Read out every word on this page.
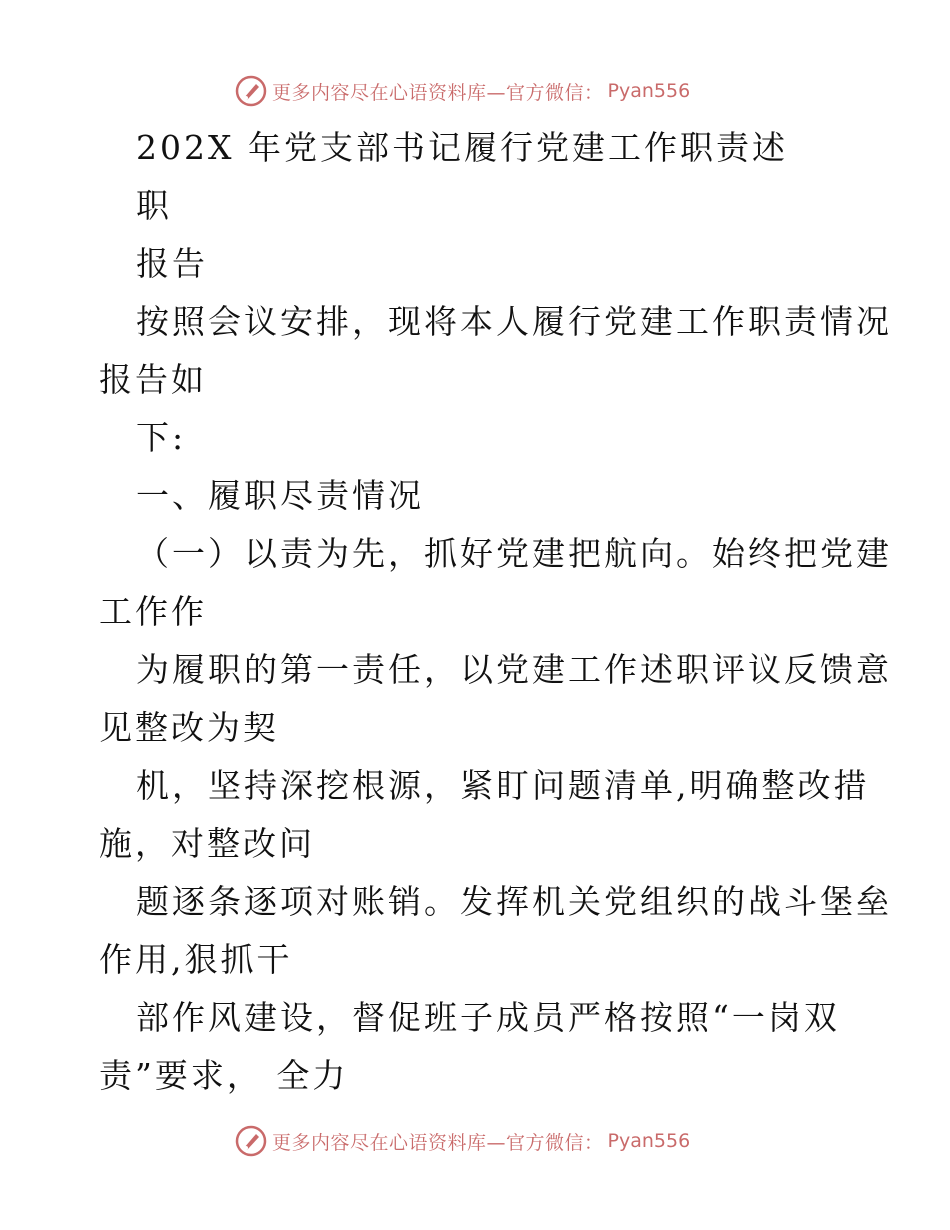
更多内容尽在心语资料库—官方微信： Pyan556
202X 年党支部书记履行党建工作职责述
职
报告
按照会议安排，现将本人履行党建工作职责情况
报告如
下:
一、履职尽责情况
（一）以责为先，抓好党建把航向。始终把党建
工作作
为履职的第一责任，以党建工作述职评议反馈意
见整改为契
机，坚持深挖根源，紧盯问题清单,明确整改措
施，对整改问
题逐条逐项对账销。发挥机关党组织的战斗堡垒
作用,狠抓干
部作风建设，督促班子成员严格按照“一岗双
责”要求， 全力
更多内容尽在心语资料库—官方微信： Pyan556
